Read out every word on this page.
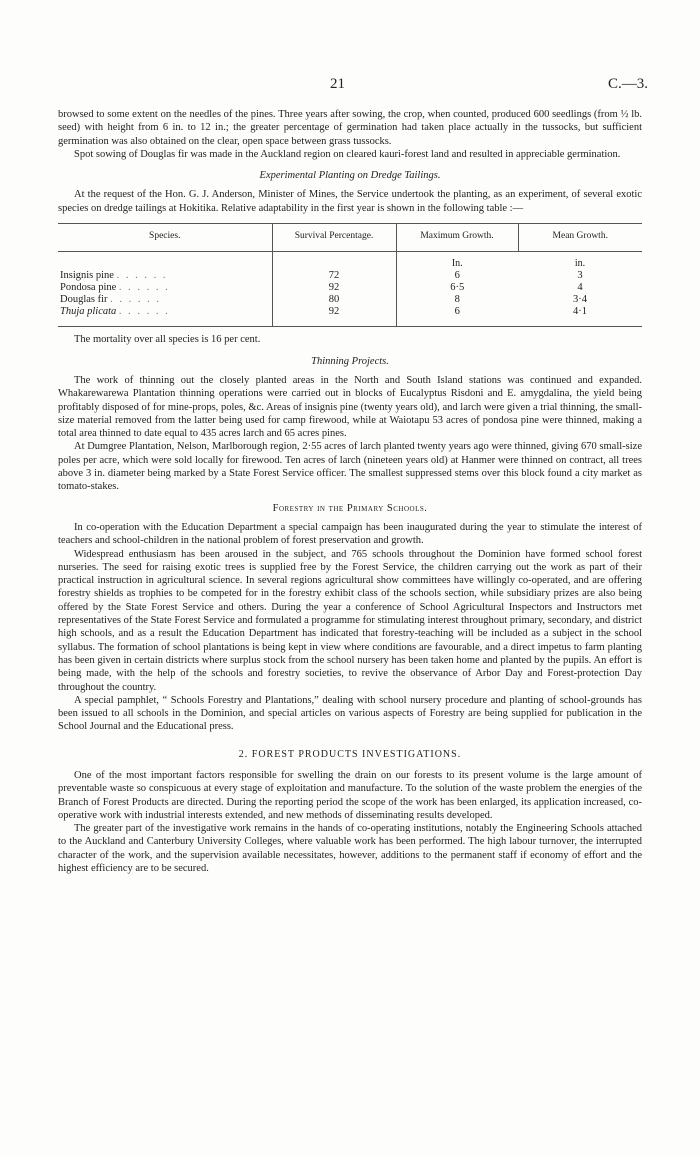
21	C.—3.

browsed to some extent on the needles of the pines. Three years after sowing, the crop, when counted, produced 600 seedlings (from ½ lb. seed) with height from 6 in. to 12 in.; the greater percentage of germination had taken place actually in the tussocks, but sufficient germination was also obtained on the clear, open space between grass tussocks.

Spot sowing of Douglas fir was made in the Auckland region on cleared kauri-forest land and resulted in appreciable germination.

Experimental Planting on Dredge Tailings.

At the request of the Hon. G. J. Anderson, Minister of Mines, the Service undertook the planting, as an experiment, of several exotic species on dredge tailings at Hokitika. Relative adaptability in the first year is shown in the following table :—

Species.	Survival Percentage.	Maximum Growth.	Mean Growth.
		In.	in.
Insignis pine . . . . . .	72	6	3
Pondosa pine . . . . . .	92	6·5	4
Douglas fir . . . . . .	80	8	3·4
Thuja plicata . . . . . .	92	6	4·1

The mortality over all species is 16 per cent.

Thinning Projects.

The work of thinning out the closely planted areas in the North and South Island stations was continued and expanded. Whakarewarewa Plantation thinning operations were carried out in blocks of Eucalyptus Risdoni and E. amygdalina, the yield being profitably disposed of for mine-props, poles, &c. Areas of insignis pine (twenty years old), and larch were given a trial thinning, the small-size material removed from the latter being used for camp firewood, while at Waiotapu 53 acres of pondosa pine were thinned, making a total area thinned to date equal to 435 acres larch and 65 acres pines.

At Dumgree Plantation, Nelson, Marlborough region, 2·55 acres of larch planted twenty years ago were thinned, giving 670 small-size poles per acre, which were sold locally for firewood. Ten acres of larch (nineteen years old) at Hanmer were thinned on contract, all trees above 3 in. diameter being marked by a State Forest Service officer. The smallest suppressed stems over this block found a city market as tomato-stakes.

Forestry in the Primary Schools.

In co-operation with the Education Department a special campaign has been inaugurated during the year to stimulate the interest of teachers and school-children in the national problem of forest preservation and growth.

Widespread enthusiasm has been aroused in the subject, and 765 schools throughout the Dominion have formed school forest nurseries. The seed for raising exotic trees is supplied free by the Forest Service, the children carrying out the work as part of their practical instruction in agricultural science. In several regions agricultural show committees have willingly co-operated, and are offering forestry shields as trophies to be competed for in the forestry exhibit class of the schools section, while subsidiary prizes are also being offered by the State Forest Service and others. During the year a conference of School Agricultural Inspectors and Instructors met representatives of the State Forest Service and formulated a programme for stimulating interest throughout primary, secondary, and district high schools, and as a result the Education Department has indicated that forestry-teaching will be included as a subject in the school syllabus. The formation of school plantations is being kept in view where conditions are favourable, and a direct impetus to farm planting has been given in certain districts where surplus stock from the school nursery has been taken home and planted by the pupils. An effort is being made, with the help of the schools and forestry societies, to revive the observance of Arbor Day and Forest-protection Day throughout the country.

A special pamphlet, “ Schools Forestry and Plantations,” dealing with school nursery procedure and planting of school-grounds has been issued to all schools in the Dominion, and special articles on various aspects of Forestry are being supplied for publication in the School Journal and the Educational press.

2. FOREST PRODUCTS INVESTIGATIONS.

One of the most important factors responsible for swelling the drain on our forests to its present volume is the large amount of preventable waste so conspicuous at every stage of exploitation and manufacture. To the solution of the waste problem the energies of the Branch of Forest Products are directed. During the reporting period the scope of the work has been enlarged, its application increased, co-operative work with industrial interests extended, and new methods of disseminating results developed.

The greater part of the investigative work remains in the hands of co-operating institutions, notably the Engineering Schools attached to the Auckland and Canterbury University Colleges, where valuable work has been performed. The high labour turnover, the interrupted character of the work, and the supervision available necessitates, however, additions to the permanent staff if economy of effort and the highest efficiency are to be secured.
